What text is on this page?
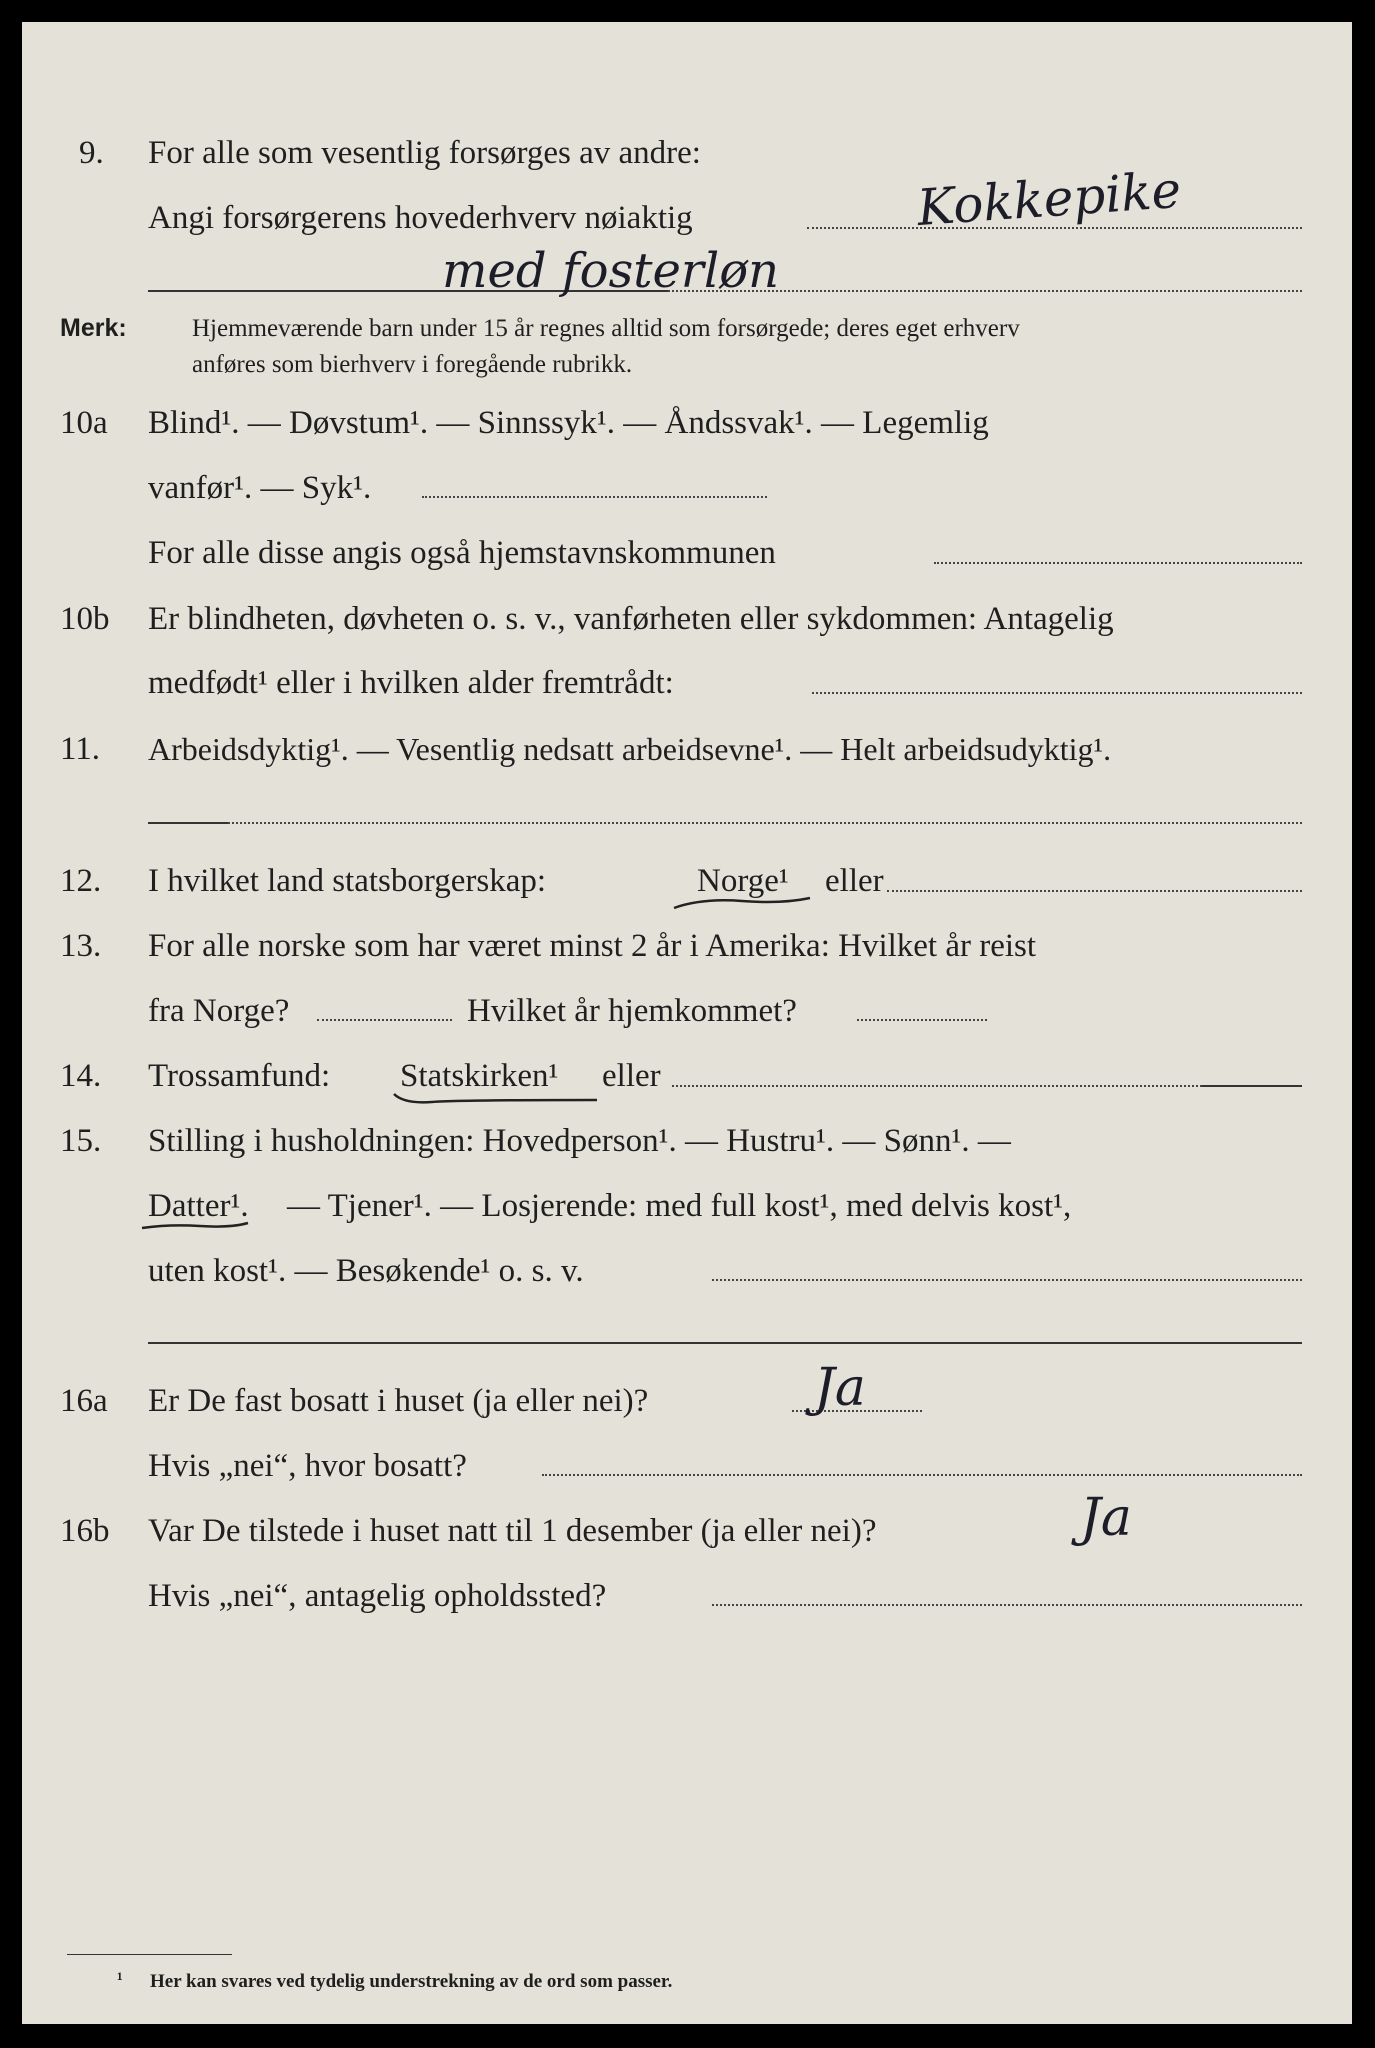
9. For alle som vesentlig forsørges av andre:
Angi forsørgerens hovederhverv nøiaktig	Kokkepike
med fosterløn
Merk:	Hjemmeværende barn under 15 år regnes alltid som forsørgede; deres eget erhverv
anføres som bierhverv i foregående rubrikk.
10a Blind¹. — Døvstum¹. — Sinnssyk¹. — Åndssvak¹. — Legemlig
vanfør¹. — Syk¹.
For alle disse angis også hjemstavnskommunen
10b Er blindheten, døvheten o. s. v., vanførheten eller sykdommen: Antagelig
medfødt¹ eller i hvilken alder fremtrådt:
11. Arbeidsdyktig¹. — Vesentlig nedsatt arbeidsevne¹. — Helt arbeidsudyktig¹.
12. I hvilket land statsborgerskap:	Norge¹ eller
13. For alle norske som har været minst 2 år i Amerika: Hvilket år reist
fra Norge?	Hvilket år hjemkommet?
14. Trossamfund: Statskirken¹ eller
15. Stilling i husholdningen: Hovedperson¹. — Hustru¹. — Sønn¹. —
Datter¹. — Tjener¹. — Losjerende: med full kost¹, med delvis kost¹,
uten kost¹. — Besøkende¹ o. s. v.
16a Er De fast bosatt i huset (ja eller nei)?	Ja
Hvis „nei“, hvor bosatt?
16b Var De tilstede i huset natt til 1 desember (ja eller nei)?	Ja
Hvis „nei“, antagelig opholdssted?
¹ Her kan svares ved tydelig understrekning av de ord som passer.
